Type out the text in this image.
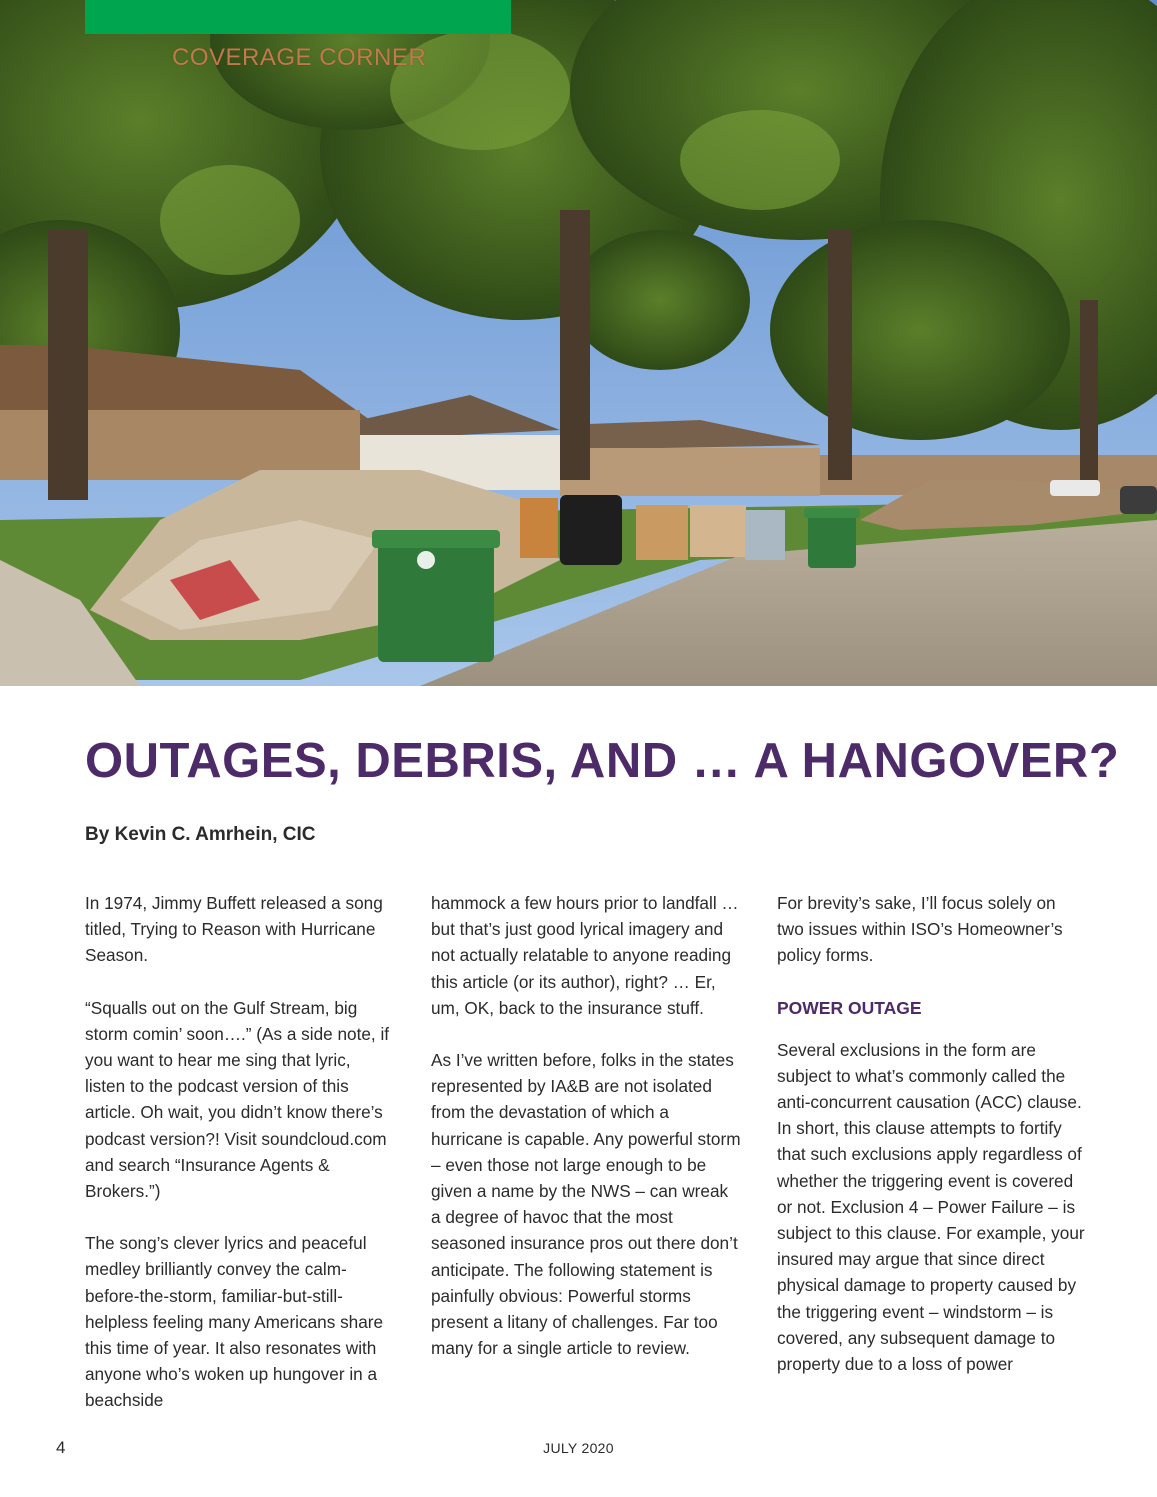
COVERAGE CORNER
OUTAGES, DEBRIS, AND … A HANGOVER?

By Kevin C. Amrhein, CIC

In 1974, Jimmy Buffett released a song titled, Trying to Reason with Hurricane Season.

“Squalls out on the Gulf Stream, big storm comin’ soon….” (As a side note, if you want to hear me sing that lyric, listen to the podcast version of this article. Oh wait, you didn’t know there’s podcast version?! Visit soundcloud.com and search “Insurance Agents & Brokers.”)

The song’s clever lyrics and peaceful medley brilliantly convey the calm-before-the-storm, familiar-but-still-helpless feeling many Americans share this time of year. It also resonates with anyone who’s woken up hungover in a beachside

hammock a few hours prior to landfall … but that’s just good lyrical imagery and not actually relatable to anyone reading this article (or its author), right? … Er, um, OK, back to the insurance stuff.

As I’ve written before, folks in the states represented by IA&B are not isolated from the devastation of which a hurricane is capable. Any powerful storm – even those not large enough to be given a name by the NWS – can wreak a degree of havoc that the most seasoned insurance pros out there don’t anticipate. The following statement is painfully obvious: Powerful storms present a litany of challenges. Far too many for a single article to review.

For brevity’s sake, I’ll focus solely on two issues within ISO’s Homeowner’s policy forms.

POWER OUTAGE

Several exclusions in the form are subject to what’s commonly called the anti-concurrent causation (ACC) clause. In short, this clause attempts to fortify that such exclusions apply regardless of whether the triggering event is covered or not. Exclusion 4 – Power Failure – is subject to this clause. For example, your insured may argue that since direct physical damage to property caused by the triggering event – windstorm – is covered, any subsequent damage to property due to a loss of power

4	JULY 2020
